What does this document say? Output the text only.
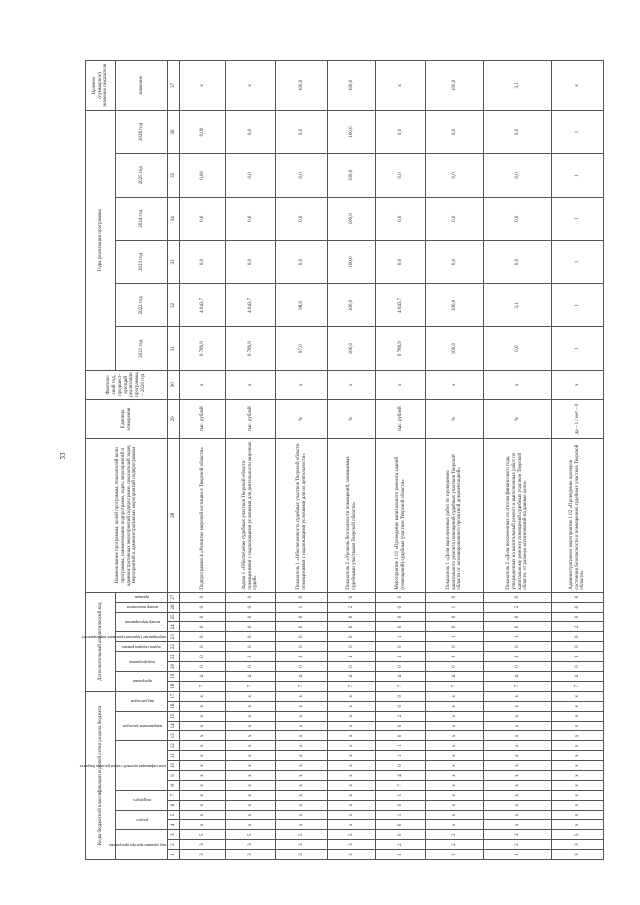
33
Коды бюджетной классификации кодовой сетки раздела бюджета																	Дополнительный аналитический код										Наименование программы, целей программы, показателей цели программы, наименование подпрограмм, задач, мероприятий и административных мероприятий подпрограмм, показателей задач, мероприятий и административных мероприятий подпрограммы	Единица измерения	Фактиче-ский год, предшест-вующий реализации программы, – 2020 год	Годы реализации программы						Целевое (суммарное) значение показателя

код администратора программы			раздел		подраздел		классификация целевой статьи расхода бюджета					направление расходов			вид расходов		программа		подпрограмма		задача подпрограммы	мероприятие (административное мероприятие)	номер мероприятия		номер показателя	признак				2021 год	2022 год	2023 год	2024 год	2025 год	2026 год	значение
1	2	3	4	5	6	7	8	9	10	11	12	13	14	15	16	17	18	19	20	21	22	23	24	25	26	27	28	29	30	31	32	33	34	35	36	37
3	3	5	х	х	х	х	х	х	х	х	х	х	х	х	х	х	7	4	0	0	0	0	0	0	0	0	Подпрограмма 4 «Развитие мировой юстиции в Тверской области»	тыс. рублей	х	9 789,9	4 043,7	0,0	0,0	0,00	0,00	х
3	3	5	х	х	х	х	х	х	х	х	х	х	х	х	х	х	7	4	0	1	0	0	0	0	0	0	Задача 1 «Обеспечение судебных участков Тверской области помещениями с надлежащими условиями для деятельности мировых судей»	тыс. рублей	х	9 789,9	4 043,7	0,0	0,0	0,0	0,0	х
3	3	5	х	х	х	х	х	х	х	х	х	х	х	х	х	х	7	4	0	1	0	0	0	0	1	0	Показатель 1 «Обеспеченность судебных участков Тверской области помещениями с надлежащими условиями для их деятельности»	%	х	97,0	98,0	0,0	0,0	0,0	0,0	100,0
3	3	5	х	х	х	х	х	х	х	х	х	х	х	х	х	х	7	4	0	1	0	0	0	0	2	0	Показатель 2 «Уровень безопасности помещений, занимаемых судебными участками Тверской области»	%	х	100,0	100,0	100,0	100,0	100,0	100,0	100,0
1	2	0	0	1	0	5	7	4	0	1	1	0	0	2	0	0	7	4	0	1	0	1	0	0	0	0	Мероприятие 1.01 «Проведение капитального ремонта зданий (помещений) судебных участков Тверской области»	тыс. рублей	х	9 789,9	4 043,7	0,0	0,0	0,0	0,0	х
1	2	2	х	х	х	х	х	х	х	х	х	х	х	х	х	х	7	4	0	1	0	1	0	0	1	0	Показатель 1 «Доля выполненных работ по проведению капитального ремонта помещений судебных участков Тверской области от запланированного проектной документацией»	%	х	100,0	100,0	0,0	0,0	0,0	0,0	100,0
1	2	2	х	х	х	х	х	х	х	х	х	х	х	х	х	х	7	4	0	1	0	1	0	0	2	0	Показатель 2 «Доля неосвоенных по итогам финансового года, утвержденных на капитальный ремонт и выполненных работ по капитальному ремонту помещений судебных участков Тверской области, от размера ассигнований на данные цели»	%	х	0,0	3,1	0,0	0,0	0,0	0,0	3,1
3	3	5	х	х	х	х	х	х	х	х	х	х	х	х	х	х	7	4	0	1	0	0	2	0	0	0	Административное мероприятие 1.02 «Проведение проверок состояния безопасности в помещениях судебных участков Тверской области»	да – 1 / нет – 0	х	1	1	1	1	1	1	х
